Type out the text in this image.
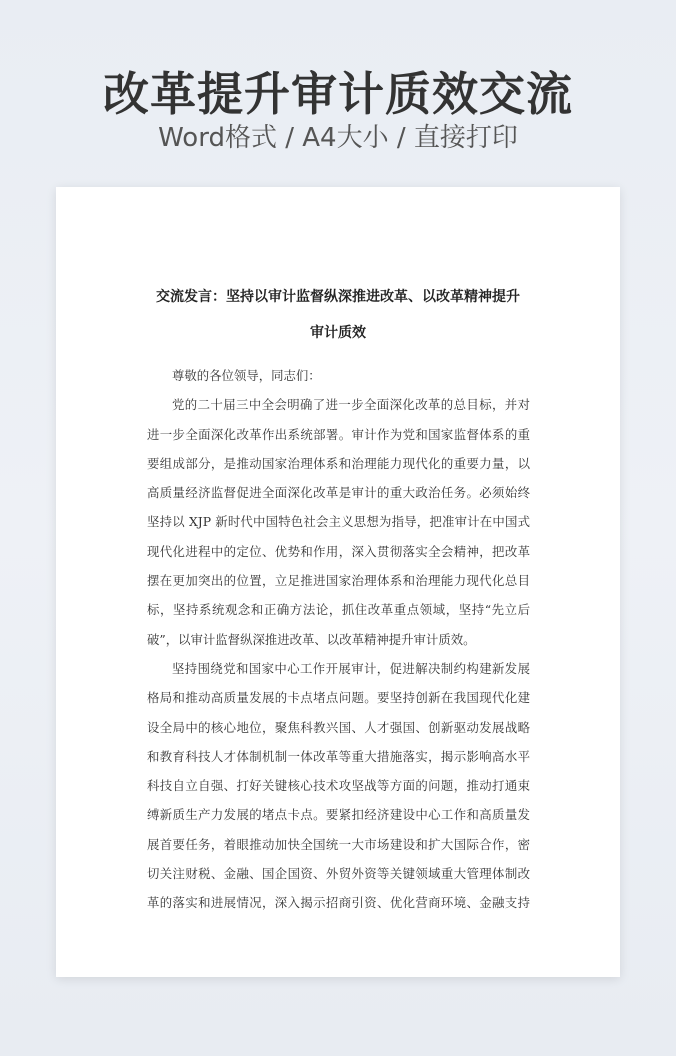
改革提升审计质效交流
Word格式 / A4大小 / 直接打印
交流发言：坚持以审计监督纵深推进改革、以改革精神提升
审计质效
尊敬的各位领导，同志们：
党的二十届三中全会明确了进一步全面深化改革的总目标，并对
进一步全面深化改革作出系统部署。审计作为党和国家监督体系的重
要组成部分，是推动国家治理体系和治理能力现代化的重要力量，以
高质量经济监督促进全面深化改革是审计的重大政治任务。必须始终
坚持以 XJP 新时代中国特色社会主义思想为指导，把准审计在中国式
现代化进程中的定位、优势和作用，深入贯彻落实全会精神，把改革
摆在更加突出的位置，立足推进国家治理体系和治理能力现代化总目
标，坚持系统观念和正确方法论，抓住改革重点领域，坚持“先立后
破”，以审计监督纵深推进改革、以改革精神提升审计质效。
坚持围绕党和国家中心工作开展审计，促进解决制约构建新发展
格局和推动高质量发展的卡点堵点问题。要坚持创新在我国现代化建
设全局中的核心地位，聚焦科教兴国、人才强国、创新驱动发展战略
和教育科技人才体制机制一体改革等重大措施落实，揭示影响高水平
科技自立自强、打好关键核心技术攻坚战等方面的问题，推动打通束
缚新质生产力发展的堵点卡点。要紧扣经济建设中心工作和高质量发
展首要任务，着眼推动加快全国统一大市场建设和扩大国际合作，密
切关注财税、金融、国企国资、外贸外资等关键领域重大管理体制改
革的落实和进展情况，深入揭示招商引资、优化营商环境、金融支持
